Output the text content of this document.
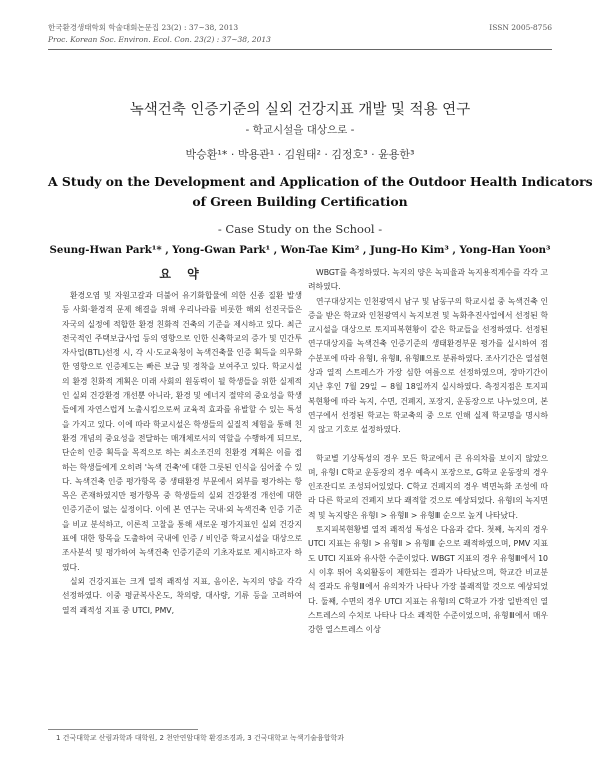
한국환경생태학회 학술대회논문집 23(2) : 37~38, 2013
Proc. Korean Soc. Environ. Ecol. Con. 23(2) : 37~38, 2013
ISSN 2005-8756
녹색건축 인증기준의 실외 건강지표 개발 및 적용 연구
- 학교시설을 대상으로 -
박승환¹* · 박용관¹ · 김원태² · 김정호³ · 윤용한³
A Study on the Development and Application of the Outdoor Health Indicators
of Green Building Certification
- Case Study on the School -
Seung-Hwan Park¹* , Yong-Gwan Park¹ , Won-Tae Kim² , Jung-Ho Kim³ , Yong-Han Yoon³
요 약

환경오염 및 자원고갈과 더불어 유기화합물에 의한 신종 질환 발생 등 사회·환경적 문제 해결을 위해 우리나라를 비롯한 해외 선진국들은 자국의 실정에 적합한 환경 친화적 건축의 기준을 제시하고 있다. 최근 전국적인 주택보급사업 등의 영향으로 인한 신축학교의 증가 및 민간투자사업(BTL)선정 시, 각 시·도교육청이 녹색건축물 인증 획득을 의무화한 영향으로 인증제도는 빠른 보급 및 정착을 보여주고 있다. 학교시설의 환경 친화적 계획은 미래 사회의 원동력이 될 학생들을 위한 실제적인 실외 건강환경 개선뿐 아니라, 환경 및 에너지 절약의 중요성을 학생들에게 자연스럽게 노출시킴으로써 교육적 효과를 유발할 수 있는 특성을 가지고 있다. 이에 따라 학교시설은 학생들의 실질적 체험을 통해 친환경 개념의 중요성을 전달하는 매개체로서의 역할을 수행하게 되므로, 단순히 인증 획득을 목적으로 하는 최소조건의 친환경 계획은 이를 접하는 학생들에게 오히려 '녹색 건축'에 대한 그릇된 인식을 심어줄 수 있다. 녹색건축 인증 평가항목 중 생태환경 부문에서 외부를 평가하는 항목은 존재하였지만 평가항목 중 학생들의 실외 건강환경 개선에 대한 인증기준이 없는 실정이다. 이에 본 연구는 국내·외 녹색건축 인증 기준을 비교 분석하고, 이론적 고찰을 통해 새로운 평가지표인 실외 건강지표에 대한 항목을 도출하여 국내에 인증 / 비인증 학교시설을 대상으로 조사분석 및 평가하여 녹색건축 인증기준의 기초자료로 제시하고자 하였다.

실외 건강지표는 크게 열적 쾌적성 지표, 음이온, 녹지의 양을 각각 선정하였다. 이중 평균복사온도, 착의량, 대사량, 기류 등을 고려하여 열적 쾌적성 지표 중 UTCI, PMV,

WBGT를 측정하였다. 녹지의 양은 녹피율과 녹지용적계수를 각각 고려하였다.

연구대상지는 인천광역시 남구 및 남동구의 학교시설 중 녹색건축 인증을 받은 학교와 인천광역시 녹지보전 및 녹화추진사업에서 선정된 학교시설을 대상으로 토지피복현황이 같은 학교들을 선정하였다. 선정된 연구대상지를 녹색건축 인증기준의 생태환경부문 평가를 실시하여 점수분포에 따라 유형Ⅰ, 유형Ⅱ, 유형Ⅲ으로 분류하였다. 조사기간은 열섬현상과 열적 스트레스가 가장 심한 여름으로 선정하였으며, 장마기간이 지난 후인 7월 29일 ~ 8월 18일까지 실시하였다. 측정지점은 토지피복현황에 따라 녹지, 수면, 건폐지, 포장지, 운동장으로 나누었으며, 본 연구에서 선정된 학교는 학교축의 중 으로 인해 실제 학교명을 명시하지 않고 기호로 설정하였다.

학교별 기상특성의 경우 모든 학교에서 큰 유의차를 보이지 않았으며, 유형Ⅰ C학교 운동장의 경우 예측시 포장으로, G학교 운동장의 경우 인조잔디로 조성되어있었다. C학교 건폐지의 경우 벽면녹화 조성에 따라 다른 학교의 건폐지 보다 쾌적할 것으로 예상되었다. 유형Ⅰ의 녹지면적 및 녹지량은 유형Ⅰ > 유형Ⅱ > 유형Ⅲ 순으로 높게 나타났다.

토지피복현황별 열적 쾌적성 특성은 다음과 같다. 첫째, 녹지의 경우 UTCI 지표는 유형Ⅰ > 유형Ⅱ > 유형Ⅲ 순으로 쾌적하였으며, PMV 지표도 UTCI 지표와 유사한 수준이었다. WBGT 지표의 경우 유형Ⅲ에서 10시 이후 뛰어 옥외활동이 제한되는 결과가 나타났으며, 학교간 비교분석 결과도 유형Ⅲ에서 유의차가 나타나 가장 불쾌적할 것으로 예상되었다. 둘째, 수면의 경우 UTCI 지표는 유형Ⅰ의 C학교가 가장 일반적인 열 스트레스의 수치로 나타나 다소 쾌적한 수준이었으며, 유형Ⅲ에서 매우 강한 열스트레스 이상

1 건국대학교 산림과학과 대학원, 2 천안연암대학 환경조경과, 3 건국대학교 녹색기술융합학과
